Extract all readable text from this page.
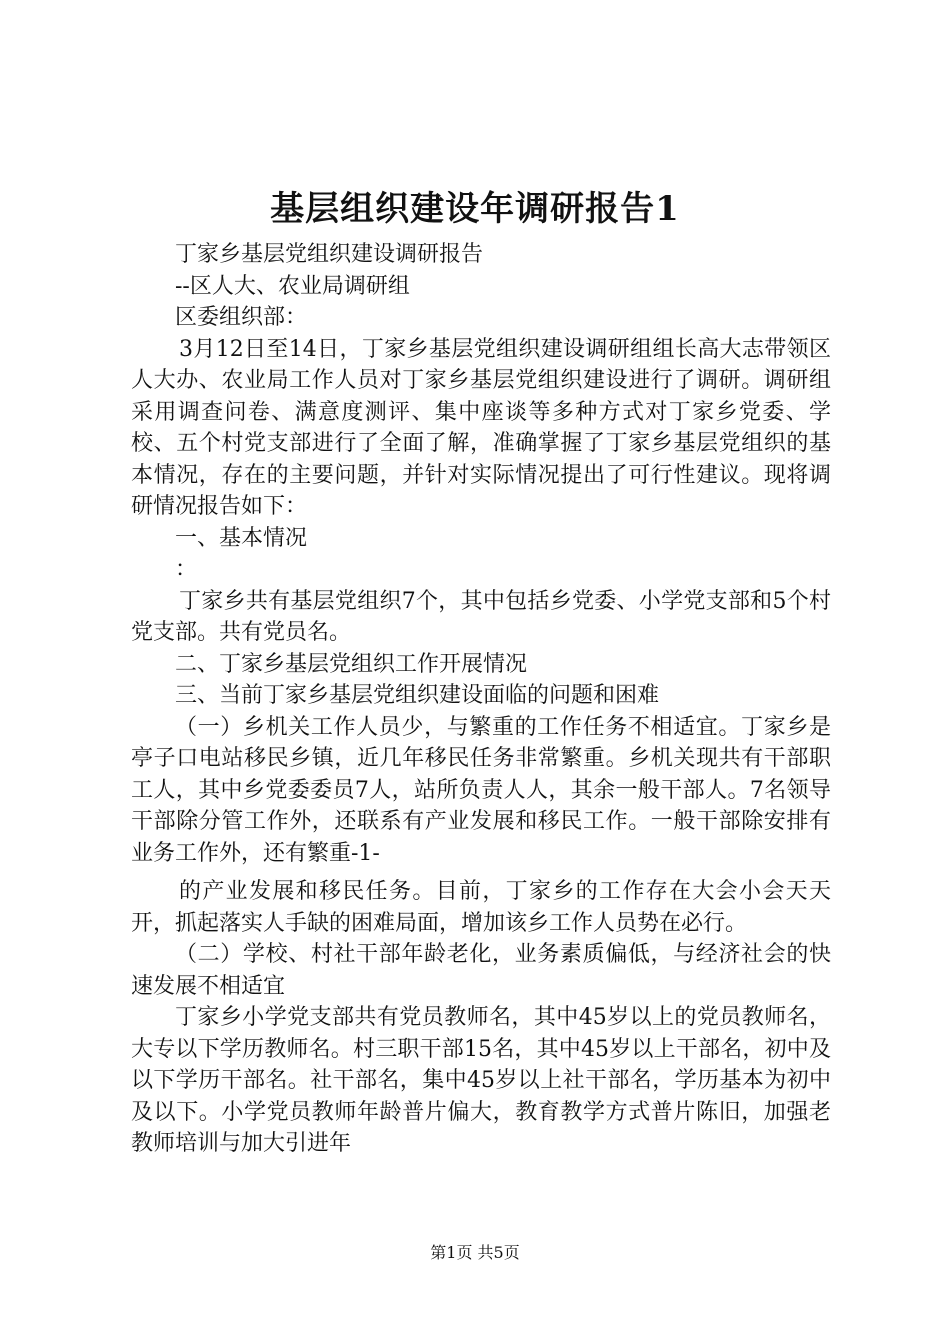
基层组织建设年调研报告1

丁家乡基层党组织建设调研报告

--区人大、农业局调研组

区委组织部：

3月12日至14日，丁家乡基层党组织建设调研组组长高大志带领区人大办、农业局工作人员对丁家乡基层党组织建设进行了调研。调研组采用调查问卷、满意度测评、集中座谈等多种方式对丁家乡党委、学校、五个村党支部进行了全面了解，准确掌握了丁家乡基层党组织的基本情况，存在的主要问题，并针对实际情况提出了可行性建议。现将调研情况报告如下：

一、基本情况

：

丁家乡共有基层党组织7个，其中包括乡党委、小学党支部和5个村党支部。共有党员名。

二、丁家乡基层党组织工作开展情况

三、当前丁家乡基层党组织建设面临的问题和困难

（一）乡机关工作人员少，与繁重的工作任务不相适宜。丁家乡是亭子口电站移民乡镇，近几年移民任务非常繁重。乡机关现共有干部职工人，其中乡党委委员7人，站所负责人人，其余一般干部人。7名领导干部除分管工作外，还联系有产业发展和移民工作。一般干部除安排有业务工作外，还有繁重-1-

的产业发展和移民任务。目前，丁家乡的工作存在大会小会天天开，抓起落实人手缺的困难局面，增加该乡工作人员势在必行。

（二）学校、村社干部年龄老化，业务素质偏低，与经济社会的快速发展不相适宜

丁家乡小学党支部共有党员教师名，其中45岁以上的党员教师名，大专以下学历教师名。村三职干部15名，其中45岁以上干部名，初中及以下学历干部名。社干部名，集中45岁以上社干部名，学历基本为初中及以下。小学党员教师年龄普片偏大，教育教学方式普片陈旧，加强老教师培训与加大引进年

第1页 共5页
